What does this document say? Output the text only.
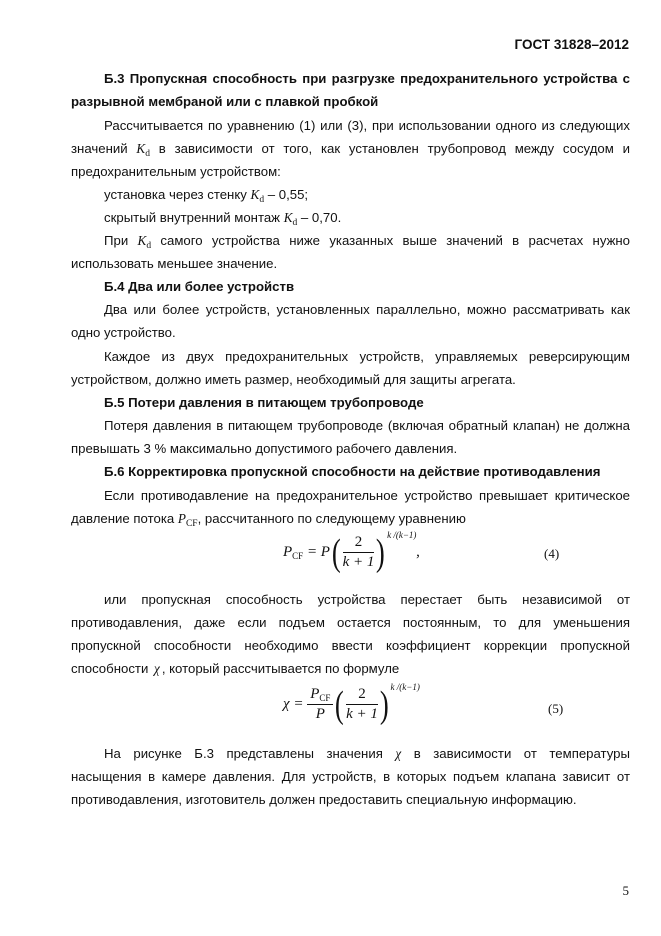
ГОСТ 31828–2012
Б.3 Пропускная способность при разгрузке предохранительного устройства с
разрывной мембраной или с плавкой пробкой
Рассчитывается по уравнению (1) или (3), при использовании одного из следующих
значений $K_d$ в зависимости от того, как установлен трубопровод между сосудом и
предохранительным устройством:
установка через стенку $K_d - 0,55$;
скрытый внутренний монтаж $K_d - 0,70$.
При $K_d$ самого устройства ниже указанных выше значений в расчетах нужно
использовать меньшее значение.
Б.4 Два или более устройств
Два или более устройств, установленных параллельно, можно рассматривать как
одно устройство.
Каждое из двух предохранительных устройств, управляемых реверсирующим
устройством, должно иметь размер, необходимый для защиты агрегата.
Б.5 Потери давления в питающем трубопроводе
Потеря давления в питающем трубопроводе (включая обратный клапан) не должна
превышать 3 % максимально допустимого рабочего давления.
Б.6 Корректировка пропускной способности на действие противодавления
Если противодавление на предохранительное устройство превышает критическое
давление потока $P_{CF}$, рассчитанного по следующему уравнению
$P_{CF} = P( \frac{2}{k + 1}$ ) $^{k /(k-1)}$ ,	(4)
или пропускная способность устройства перестает быть независимой от
противодавления, даже если подъем остается постоянным, то для уменьшения
пропускной способности необходимо ввести коэффициент коррекции пропускной
способности χ , который рассчитывается по формуле
$\chi = \frac{P_{CF}}{P}$ ( $\frac{2}{k + 1}$ ) $^{k /(k-1)}$
(5)
На рисунке Б.3 представлены значения χ в зависимости от температуры
насыщения в камере давления. Для устройств, в которых подъем клапана зависит от
противодавления, изготовитель должен предоставить специальную информацию.
5
